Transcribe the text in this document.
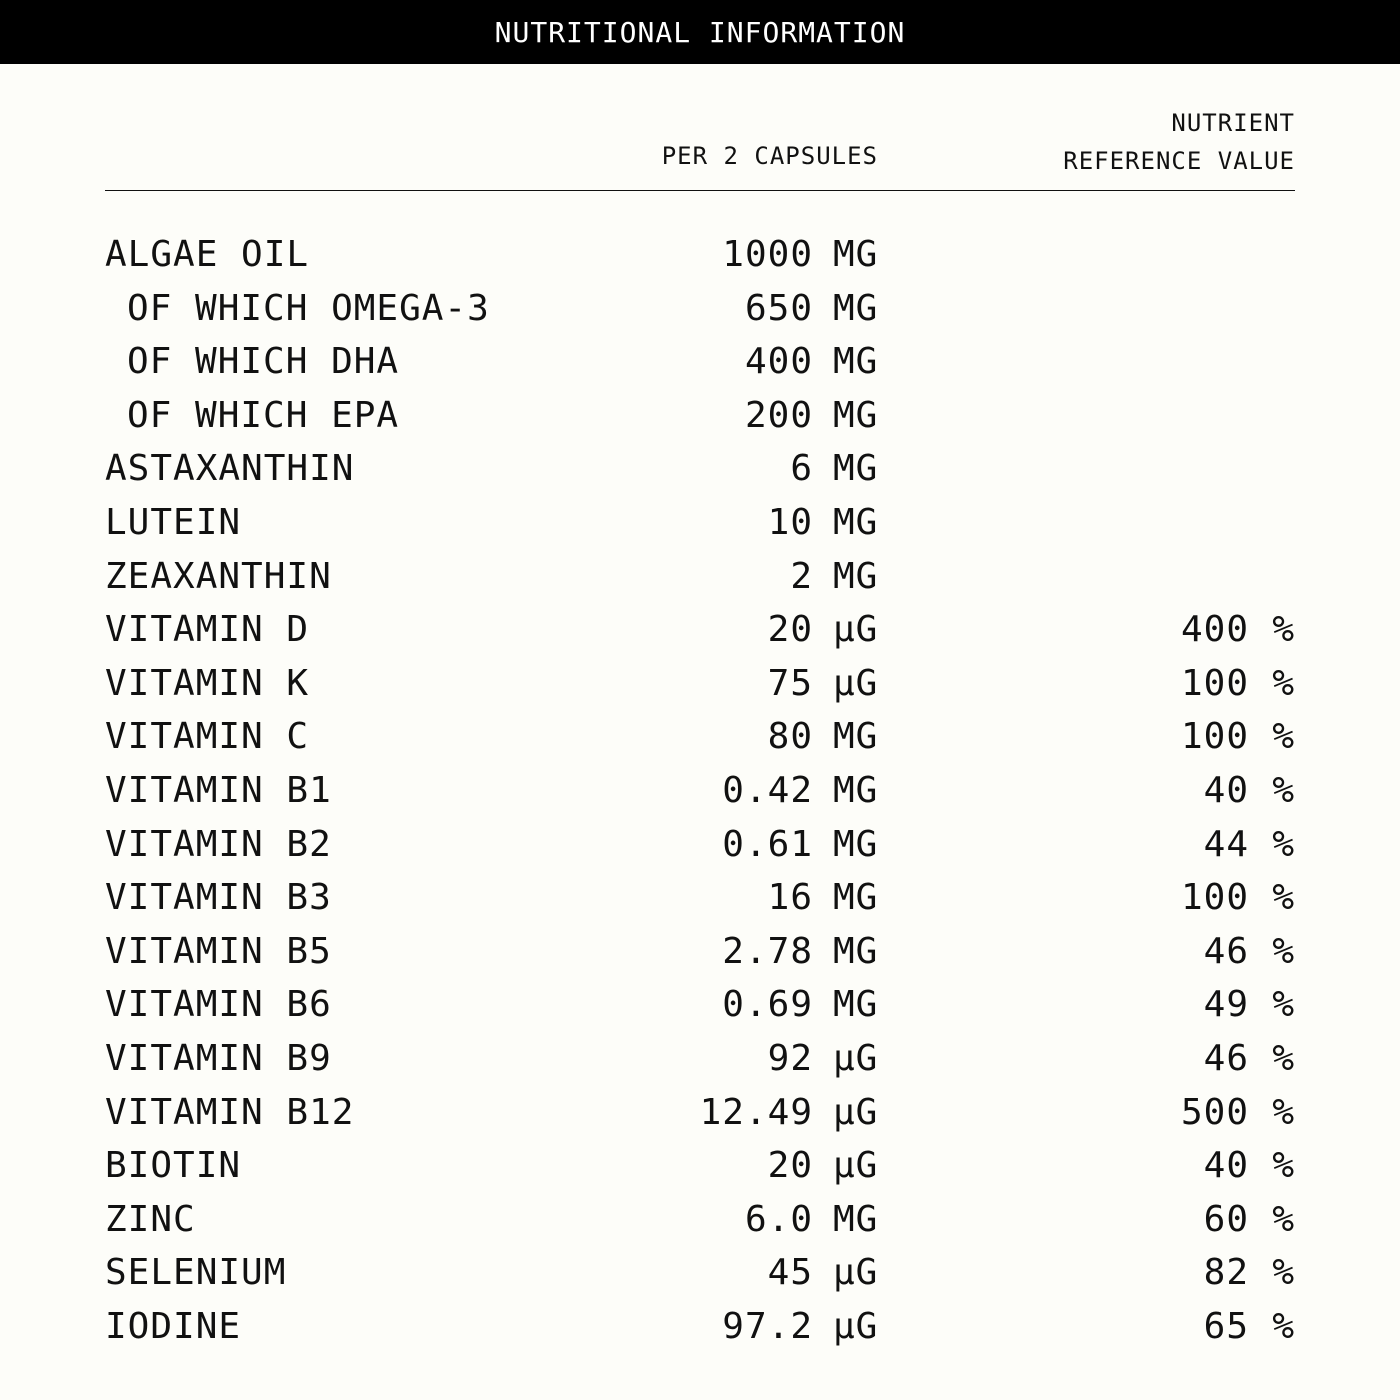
NUTRITIONAL INFORMATION
PER 2 CAPSULES
NUTRIENT
REFERENCE VALUE
ALGAE OIL	1000 MG
OF WHICH OMEGA-3	650 MG
OF WHICH DHA	400 MG
OF WHICH EPA	200 MG
ASTAXANTHIN	6 MG
LUTEIN	10 MG
ZEAXANTHIN	2 MG
VITAMIN D	20 µG	400 %
VITAMIN K	75 µG	100 %
VITAMIN C	80 MG	100 %
VITAMIN B1	0.42 MG	40 %
VITAMIN B2	0.61 MG	44 %
VITAMIN B3	16 MG	100 %
VITAMIN B5	2.78 MG	46 %
VITAMIN B6	0.69 MG	49 %
VITAMIN B9	92 µG	46 %
VITAMIN B12	12.49 µG	500 %
BIOTIN	20 µG	40 %
ZINC	6.0 MG	60 %
SELENIUM	45 µG	82 %
IODINE	97.2 µG	65 %
